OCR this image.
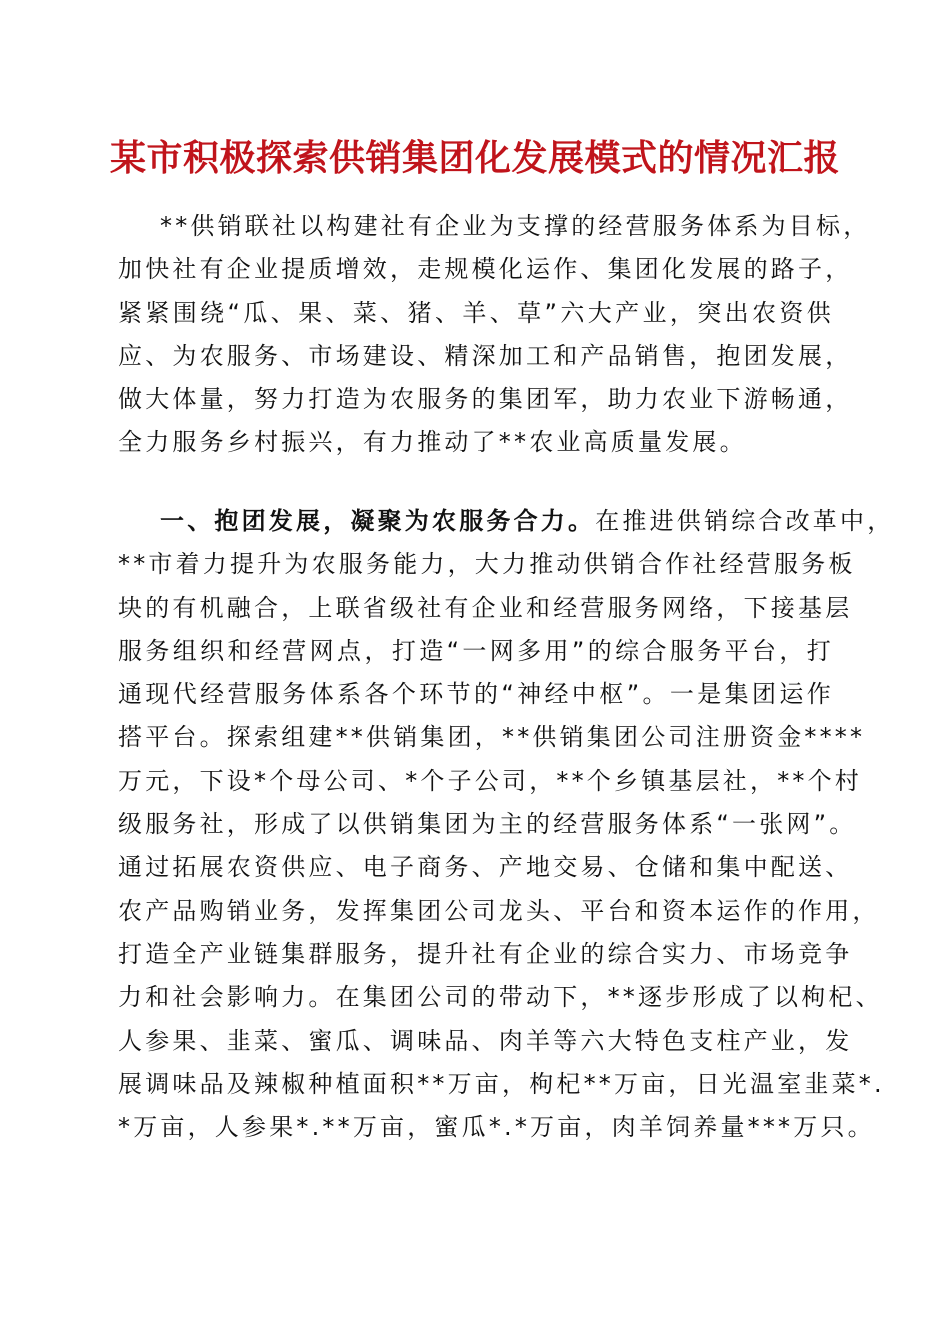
某市积极探索供销集团化发展模式的情况汇报
**供销联社以构建社有企业为支撑的经营服务体系为目标，
加快社有企业提质增效，走规模化运作、集团化发展的路子，
紧紧围绕“瓜、果、菜、猪、羊、草”六大产业，突出农资供
应、为农服务、市场建设、精深加工和产品销售，抱团发展，
做大体量，努力打造为农服务的集团军，助力农业下游畅通，
全力服务乡村振兴，有力推动了**农业高质量发展。
一、抱团发展，凝聚为农服务合力。在推进供销综合改革中，
**市着力提升为农服务能力，大力推动供销合作社经营服务板
块的有机融合，上联省级社有企业和经营服务网络，下接基层
服务组织和经营网点，打造“一网多用”的综合服务平台，打
通现代经营服务体系各个环节的“神经中枢”。一是集团运作
搭平台。探索组建**供销集团，**供销集团公司注册资金****
万元，下设*个母公司、*个子公司，**个乡镇基层社，**个村
级服务社，形成了以供销集团为主的经营服务体系“一张网”。
通过拓展农资供应、电子商务、产地交易、仓储和集中配送、
农产品购销业务，发挥集团公司龙头、平台和资本运作的作用，
打造全产业链集群服务，提升社有企业的综合实力、市场竞争
力和社会影响力。在集团公司的带动下，**逐步形成了以枸杞、
人参果、韭菜、蜜瓜、调味品、肉羊等六大特色支柱产业，发
展调味品及辣椒种植面积**万亩，枸杞**万亩，日光温室韭菜*.
*万亩，人参果*.**万亩，蜜瓜*.*万亩，肉羊饲养量***万只。
